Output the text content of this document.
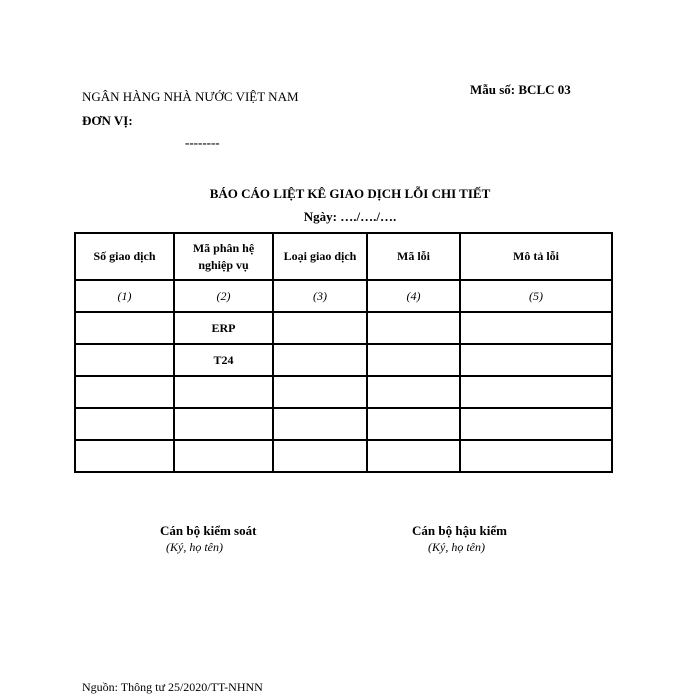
NGÂN HÀNG NHÀ NƯỚC VIỆT NAM
ĐƠN VỊ:
--------
Mẫu số: BCLC 03
BÁO CÁO LIỆT KÊ GIAO DỊCH LỖI CHI TIẾT
Ngày: …./…./….
Số giao dịch	Mã phân hệ nghiệp vụ	Loại giao dịch	Mã lỗi	Mô tả lỗi
(1)	(2)	(3)	(4)	(5)
	ERP			
	T24			

Cán bộ kiểm soát
(Ký, họ tên)
Cán bộ hậu kiểm
(Ký, họ tên)
Nguồn: Thông tư 25/2020/TT-NHNN
